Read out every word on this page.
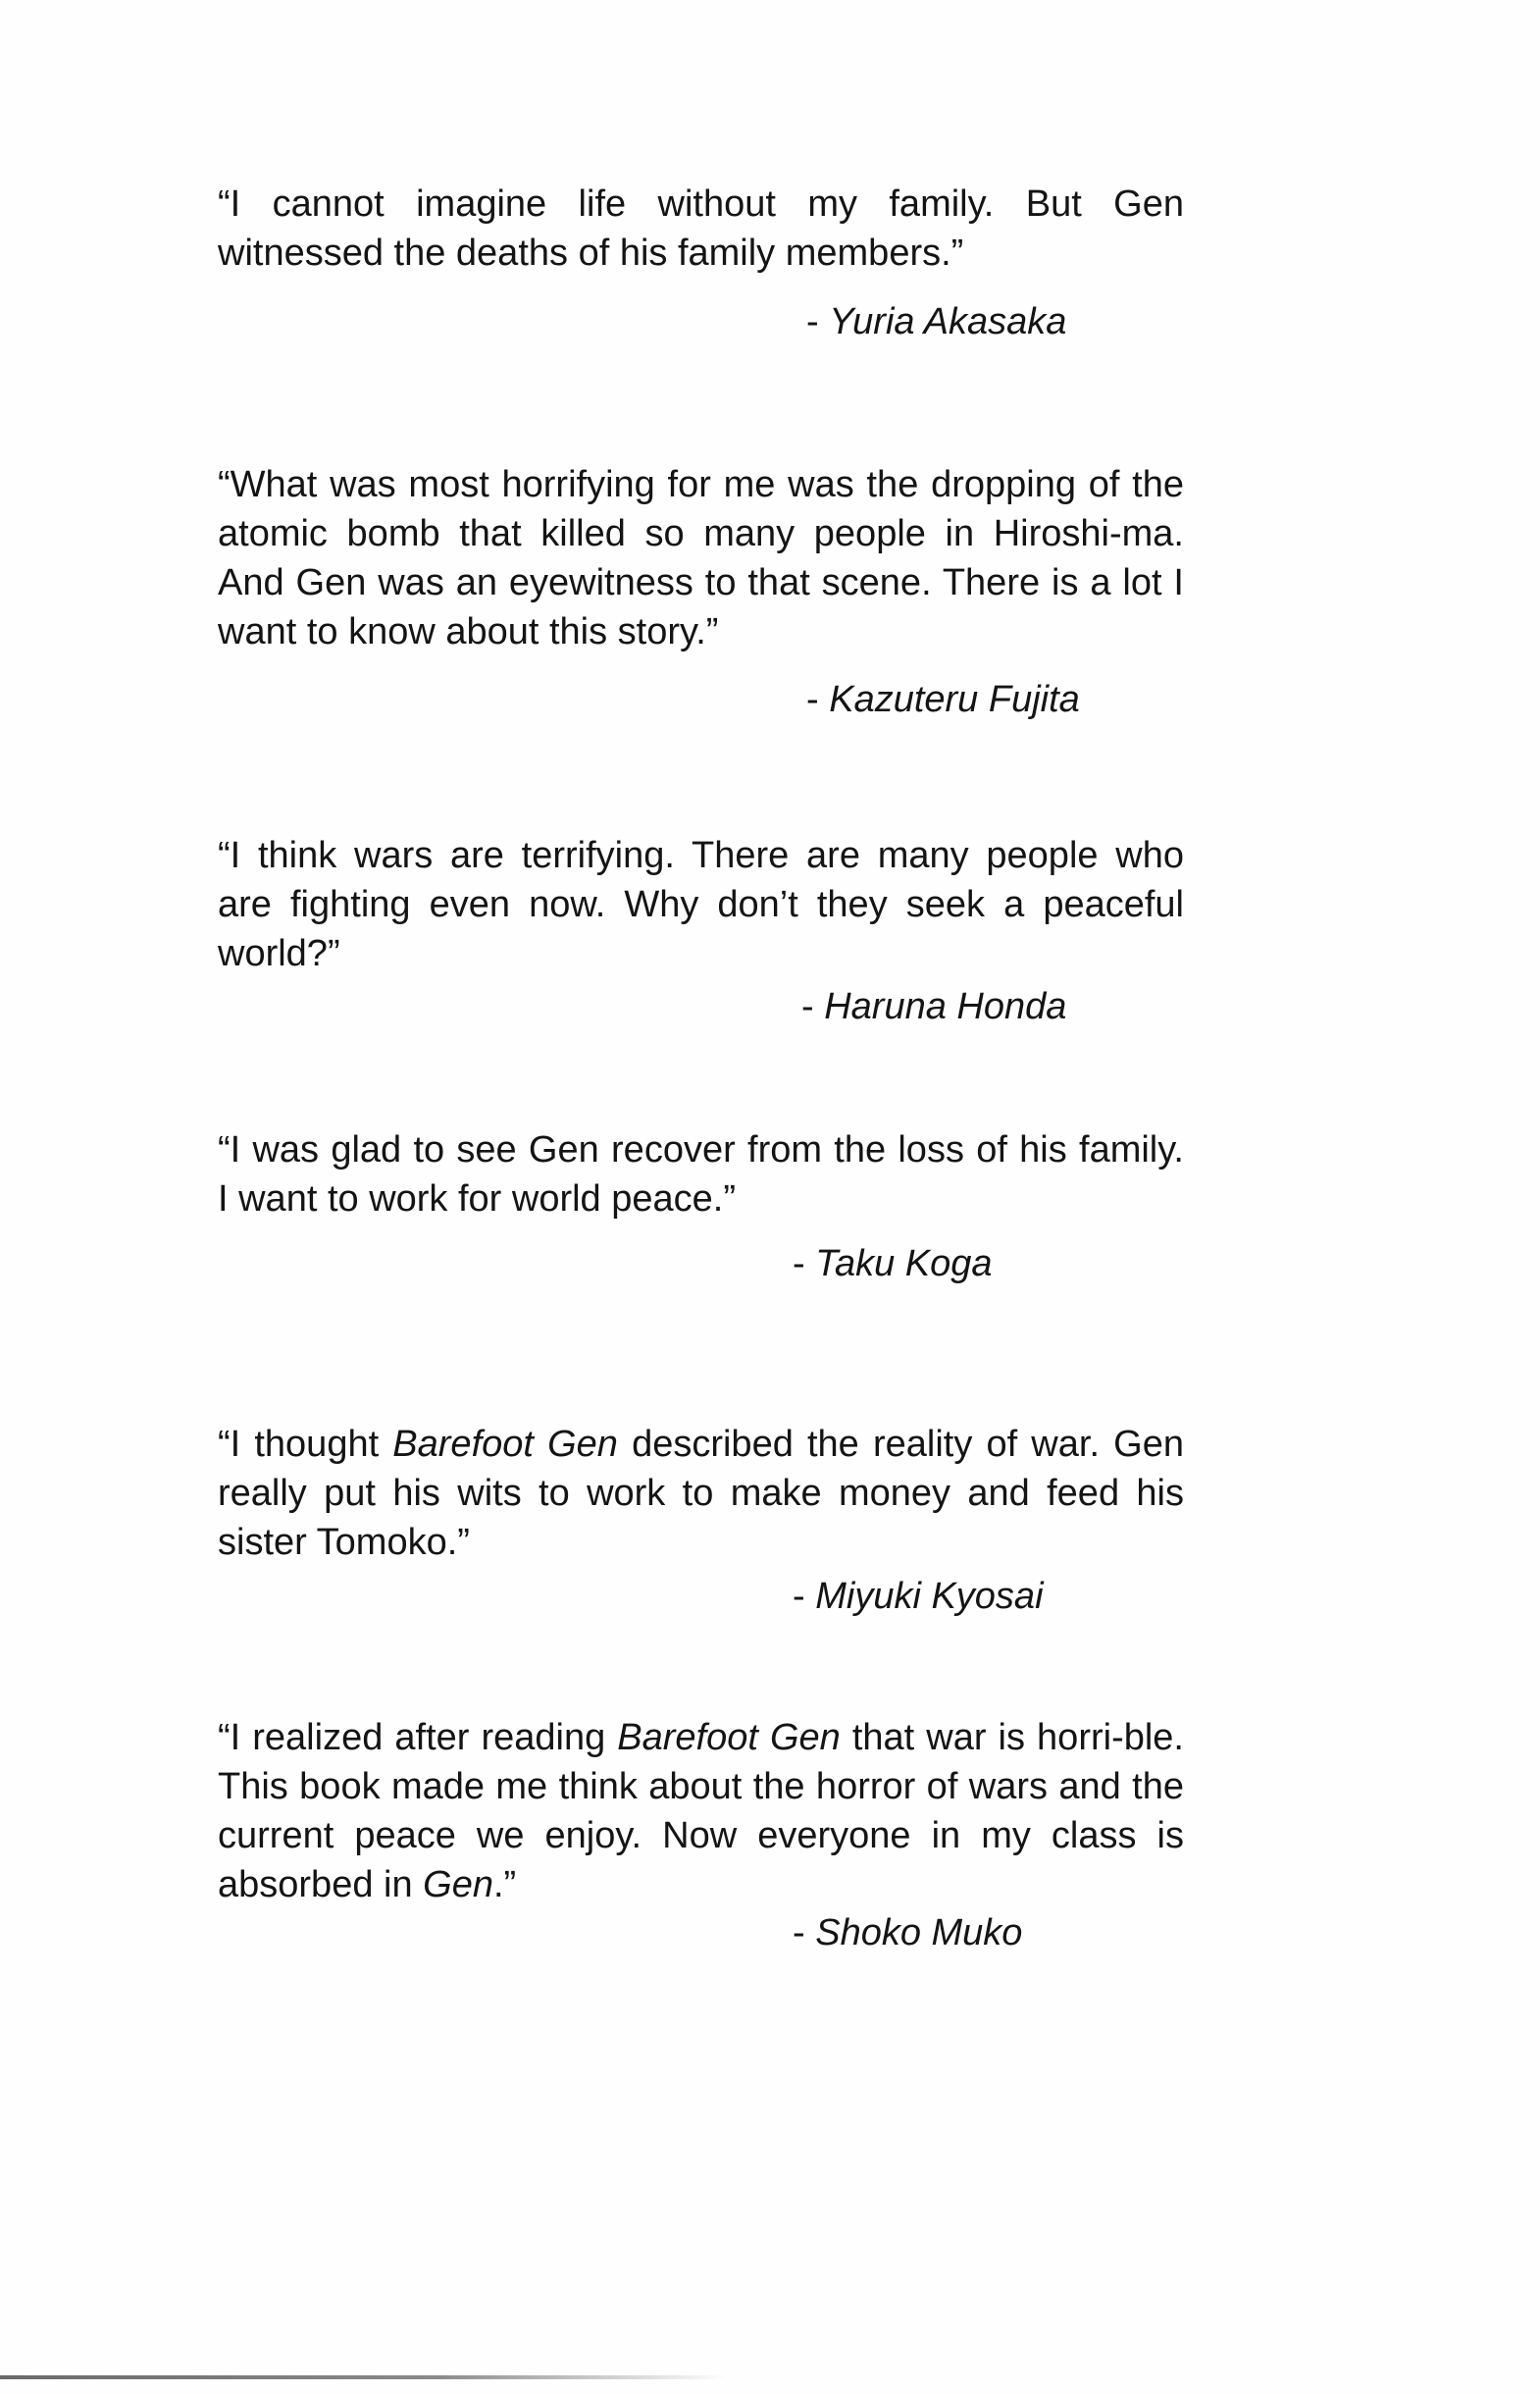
“I cannot imagine life without my family. But Gen witnessed the deaths of his family members.”

- Yuria Akasaka

“What was most horrifying for me was the dropping of the atomic bomb that killed so many people in Hiroshi-ma. And Gen was an eyewitness to that scene. There is a lot I want to know about this story.”

- Kazuteru Fujita

“I think wars are terrifying. There are many people who are fighting even now. Why don’t they seek a peaceful world?”

- Haruna Honda

“I was glad to see Gen recover from the loss of his family. I want to work for world peace.”

- Taku Koga

“I thought Barefoot Gen described the reality of war. Gen really put his wits to work to make money and feed his sister Tomoko.”

- Miyuki Kyosai

“I realized after reading Barefoot Gen that war is horri-ble. This book made me think about the horror of wars and the current peace we enjoy. Now everyone in my class is absorbed in Gen.”

- Shoko Muko
